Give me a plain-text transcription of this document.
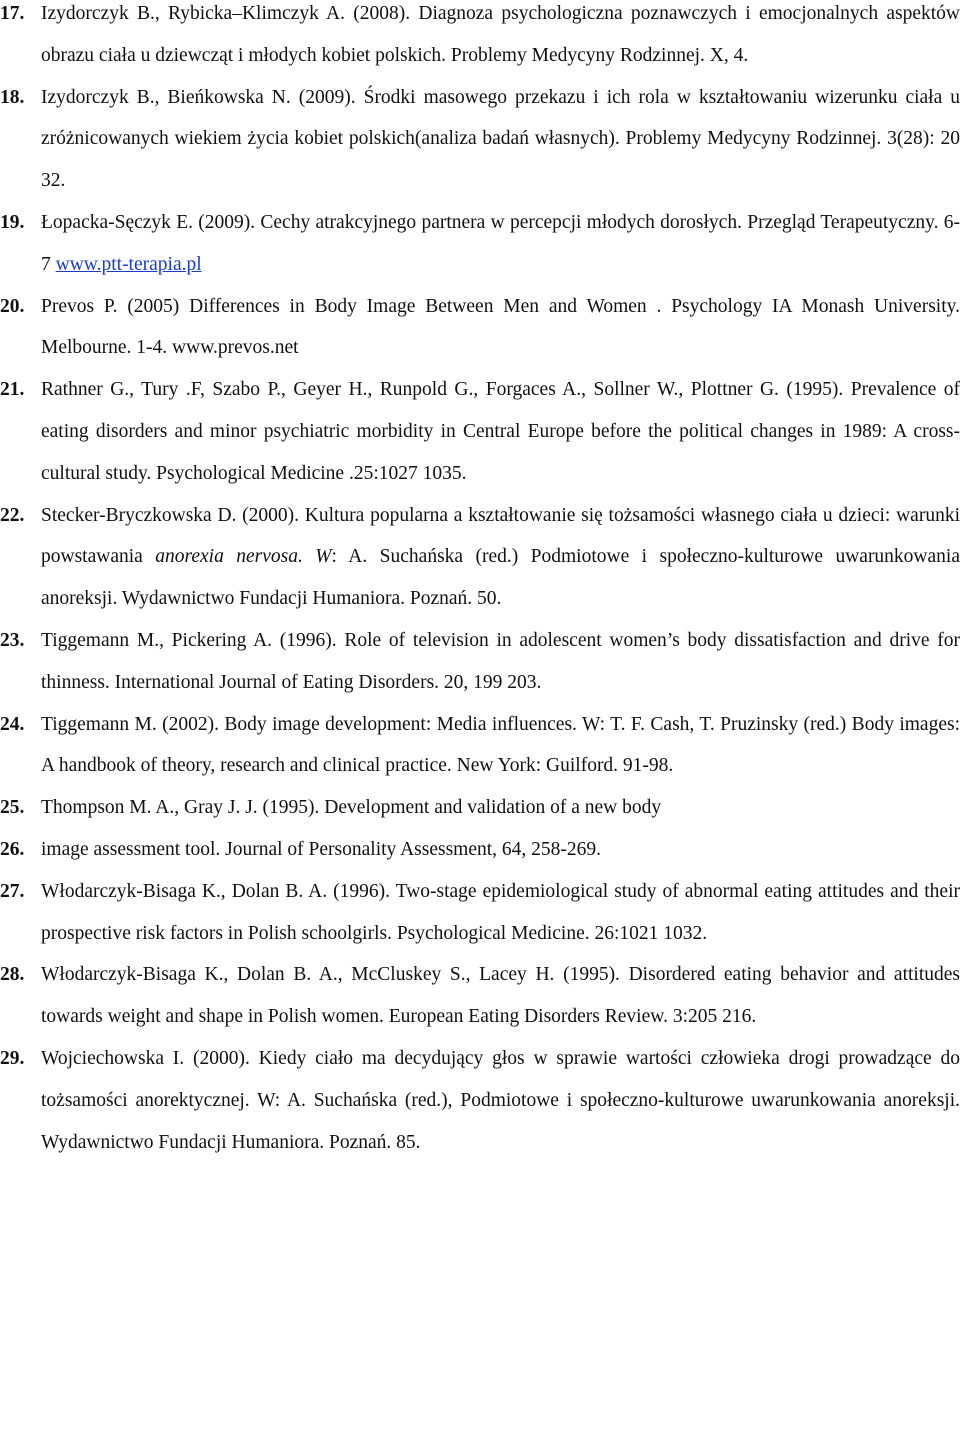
17. Izydorczyk B., Rybicka–Klimczyk A. (2008). Diagnoza psychologiczna poznawczych i emocjonalnych aspektów obrazu ciała u dziewcząt i młodych kobiet polskich. Problemy Medycyny Rodzinnej. X, 4.
18. Izydorczyk B., Bieńkowska N. (2009). Środki masowego przekazu i ich rola w kształtowaniu wizerunku ciała u zróżnicowanych wiekiem życia kobiet polskich(analiza badań własnych). Problemy Medycyny Rodzinnej. 3(28): 20 32.
19. Łopacka-Sęczyk E. (2009). Cechy atrakcyjnego partnera w percepcji młodych dorosłych. Przegląd Terapeutyczny. 6-7 www.ptt-terapia.pl
20. Prevos P. (2005) Differences in Body Image Between Men and Women . Psychology IA Monash University. Melbourne. 1-4. www.prevos.net
21. Rathner G., Tury .F, Szabo P., Geyer H., Runpold G., Forgaces A., Sollner W., Plottner G. (1995). Prevalence of eating disorders and minor psychiatric morbidity in Central Europe before the political changes in 1989: A cross-cultural study. Psychological Medicine .25:1027 1035.
22. Stecker-Bryczkowska D. (2000). Kultura popularna a kształtowanie się tożsamości własnego ciała u dzieci: warunki powstawania anorexia nervosa. W: A. Suchańska (red.) Podmiotowe i społeczno-kulturowe uwarunkowania anoreksji. Wydawnictwo Fundacji Humaniora. Poznań. 50.
23. Tiggemann M., Pickering A. (1996). Role of television in adolescent women’s body dissatisfaction and drive for thinness. International Journal of Eating Disorders. 20, 199 203.
24. Tiggemann M. (2002). Body image development: Media influences. W: T. F. Cash, T. Pruzinsky (red.) Body images: A handbook of theory, research and clinical practice. New York: Guilford. 91-98.
25. Thompson M. A., Gray J. J. (1995). Development and validation of a new body
26. image assessment tool. Journal of Personality Assessment, 64, 258-269.
27. Włodarczyk-Bisaga K., Dolan B. A. (1996). Two-stage epidemiological study of abnormal eating attitudes and their prospective risk factors in Polish schoolgirls. Psychological Medicine. 26:1021 1032.
28. Włodarczyk-Bisaga K., Dolan B. A., McCluskey S., Lacey H. (1995). Disordered eating behavior and attitudes towards weight and shape in Polish women. European Eating Disorders Review. 3:205 216.
29. Wojciechowska I. (2000). Kiedy ciało ma decydujący głos w sprawie wartości człowieka drogi prowadzące do tożsamości anorektycznej. W: A. Suchańska (red.), Podmiotowe i społeczno-kulturowe uwarunkowania anoreksji. Wydawnictwo Fundacji Humaniora. Poznań. 85.
